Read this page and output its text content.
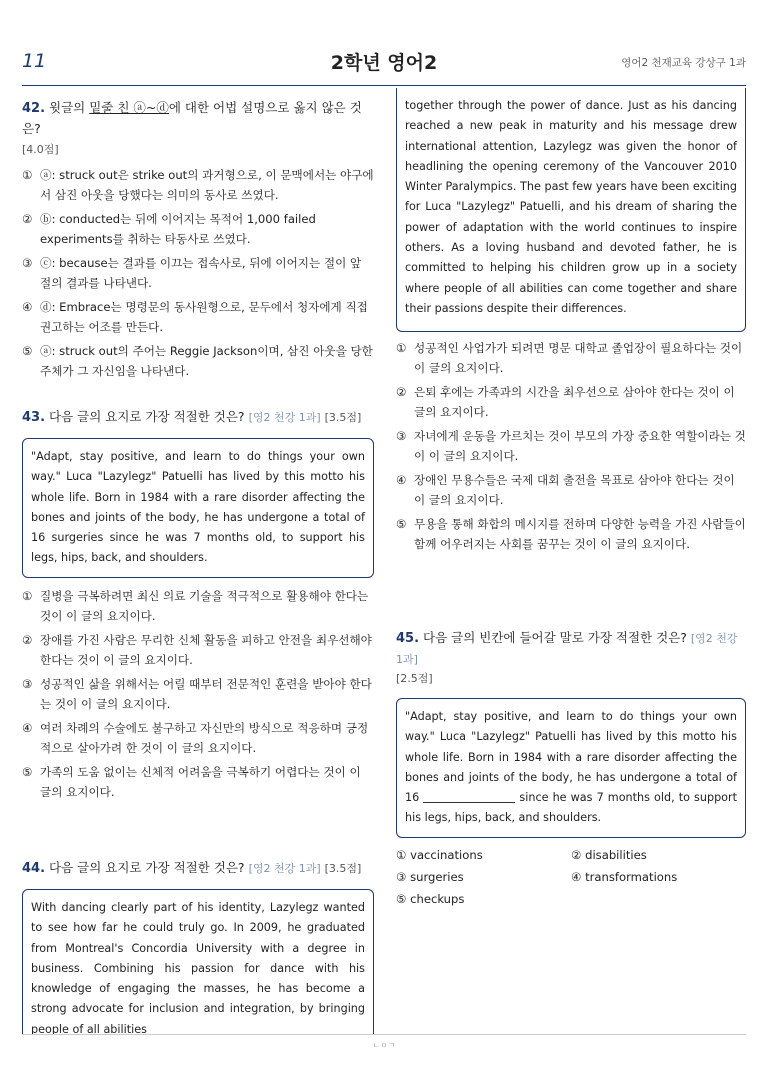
11	2학년 영어2	영어2 천재교육 강상구 1과
42. 윗글의 밑줄 친 ⓐ~ⓓ에 대한 어법 설명으로 옳지 않은 것은?
[4.0점]
① ⓐ: struck out은 strike out의 과거형으로, 이 문맥에서는 야구에서 삼진 아웃을 당했다는 의미의 동사로 쓰였다.
② ⓑ: conducted는 뒤에 이어지는 목적어 1,000 failed experiments를 취하는 타동사로 쓰였다.
③ ⓒ: because는 결과를 이끄는 접속사로, 뒤에 이어지는 절이 앞 절의 결과를 나타낸다.
④ ⓓ: Embrace는 명령문의 동사원형으로, 문두에서 청자에게 직접 권고하는 어조를 만든다.
⑤ ⓐ: struck out의 주어는 Reggie Jackson이며, 삼진 아웃을 당한 주체가 그 자신임을 나타낸다.
43. 다음 글의 요지로 가장 적절한 것은? [영2 천강 1과] [3.5점]
"Adapt, stay positive, and learn to do things your own way." Luca "Lazylegz" Patuelli has lived by this motto his whole life. Born in 1984 with a rare disorder affecting the bones and joints of the body, he has undergone a total of 16 surgeries since he was 7 months old, to support his legs, hips, back, and shoulders.
① 질병을 극복하려면 최신 의료 기술을 적극적으로 활용해야 한다는 것이 이 글의 요지이다.
② 장애를 가진 사람은 무리한 신체 활동을 피하고 안전을 최우선해야 한다는 것이 이 글의 요지이다.
③ 성공적인 삶을 위해서는 어릴 때부터 전문적인 훈련을 받아야 한다는 것이 이 글의 요지이다.
④ 여러 차례의 수술에도 불구하고 자신만의 방식으로 적응하며 긍정적으로 살아가려 한 것이 이 글의 요지이다.
⑤ 가족의 도움 없이는 신체적 어려움을 극복하기 어렵다는 것이 이 글의 요지이다.
44. 다음 글의 요지로 가장 적절한 것은? [영2 천강 1과] [3.5점]
With dancing clearly part of his identity, Lazylegz wanted to see how far he could truly go. In 2009, he graduated from Montreal's Concordia University with a degree in business. Combining his passion for dance with his knowledge of engaging the masses, he has become a strong advocate for inclusion and integration, by bringing people of all abilities
together through the power of dance. Just as his dancing reached a new peak in maturity and his message drew international attention, Lazylegz was given the honor of headlining the opening ceremony of the Vancouver 2010 Winter Paralympics. The past few years have been exciting for Luca "Lazylegz" Patuelli, and his dream of sharing the power of adaptation with the world continues to inspire others. As a loving husband and devoted father, he is committed to helping his children grow up in a society where people of all abilities can come together and share their passions despite their differences.
① 성공적인 사업가가 되려면 명문 대학교 졸업장이 필요하다는 것이 이 글의 요지이다.
② 은퇴 후에는 가족과의 시간을 최우선으로 삼아야 한다는 것이 이 글의 요지이다.
③ 자녀에게 운동을 가르치는 것이 부모의 가장 중요한 역할이라는 것이 이 글의 요지이다.
④ 장애인 무용수들은 국제 대회 출전을 목표로 삼아야 한다는 것이 이 글의 요지이다.
⑤ 무용을 통해 화합의 메시지를 전하며 다양한 능력을 가진 사람들이 함께 어우러지는 사회를 꿈꾸는 것이 이 글의 요지이다.
45. 다음 글의 빈칸에 들어갈 말로 가장 적절한 것은? [영2 천강 1과]
[2.5점]
"Adapt, stay positive, and learn to do things your own way." Luca "Lazylegz" Patuelli has lived by this motto his whole life. Born in 1984 with a rare disorder affecting the bones and joints of the body, he has undergone a total of 16	since he was 7 months old, to support his legs, hips, back, and shoulders.
① vaccinations	② disabilities
③ surgeries	④ transformations
⑤ checkups
ㄴㅇㄱ
